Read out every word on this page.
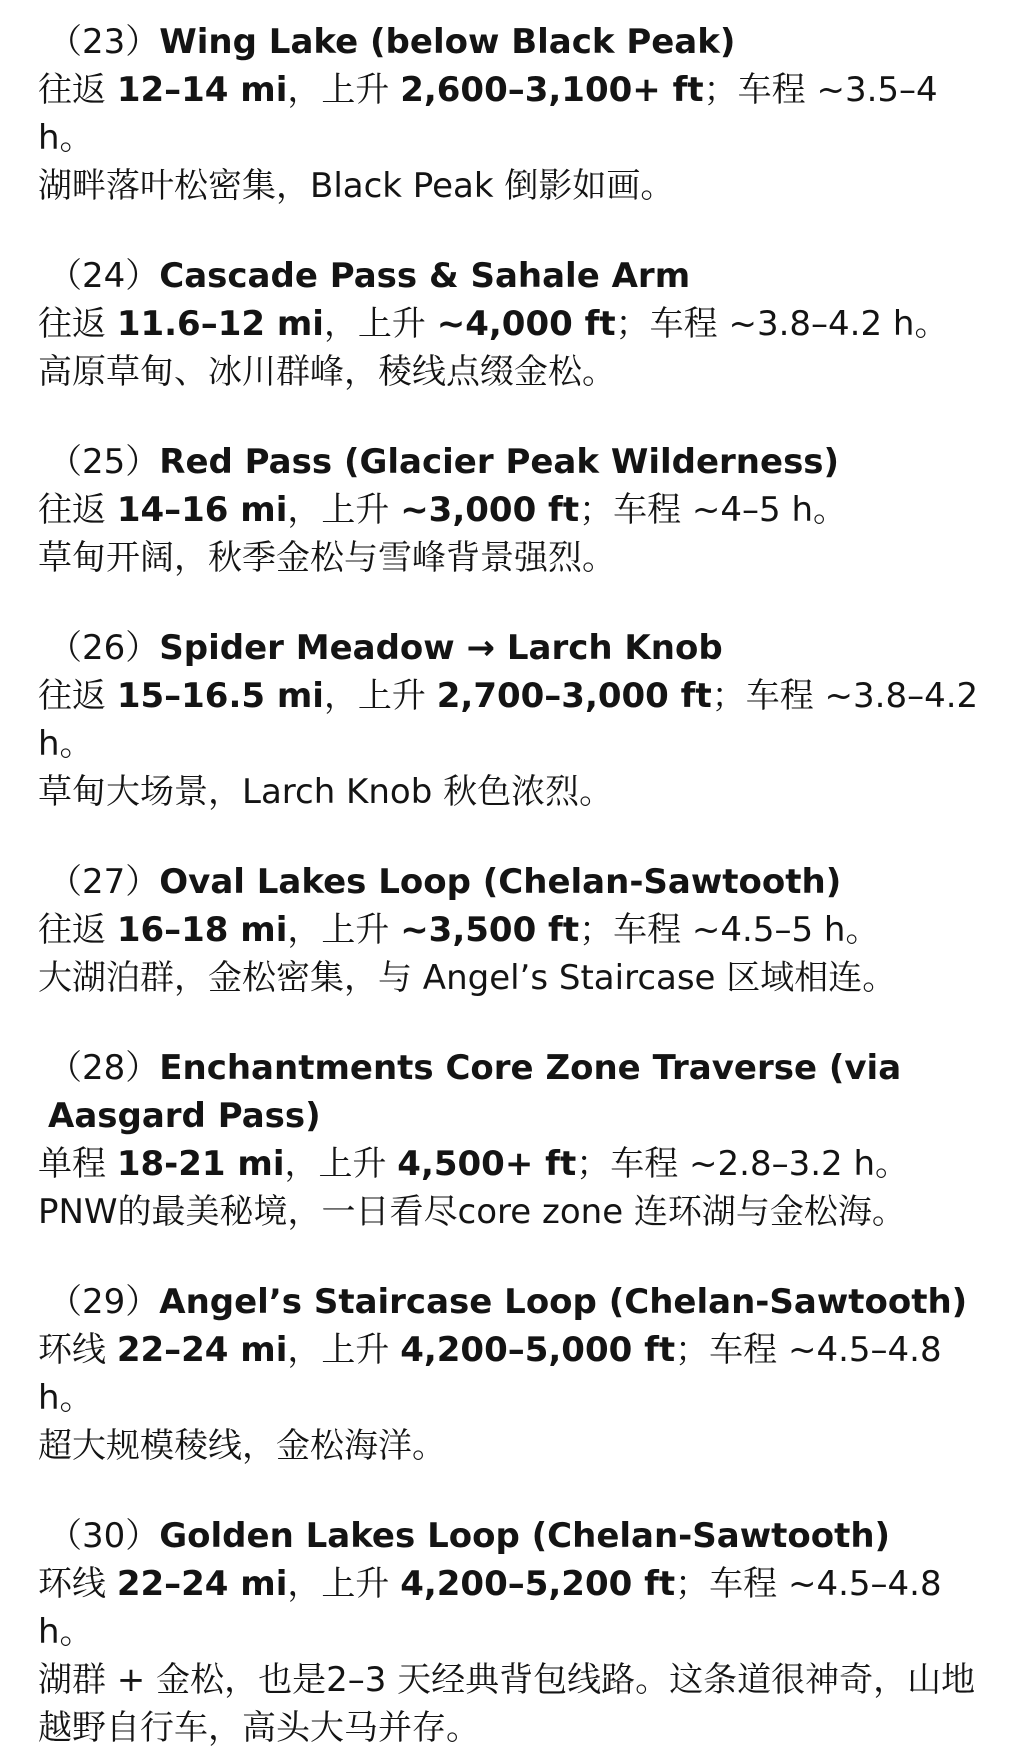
（23）Wing Lake (below Black Peak)

往返 12–14 mi，上升 2,600–3,100+ ft；车程 ~3.5–4 h。

湖畔落叶松密集，Black Peak 倒影如画。

（24）Cascade Pass & Sahale Arm

往返 11.6–12 mi，上升 ~4,000 ft；车程 ~3.8–4.2 h。

高原草甸、冰川群峰，稜线点缀金松。

（25）Red Pass (Glacier Peak Wilderness)

往返 14–16 mi，上升 ~3,000 ft；车程 ~4–5 h。

草甸开阔，秋季金松与雪峰背景强烈。

（26）Spider Meadow → Larch Knob

往返 15–16.5 mi，上升 2,700–3,000 ft；车程 ~3.8–4.2 h。

草甸大场景，Larch Knob 秋色浓烈。

（27）Oval Lakes Loop (Chelan-Sawtooth)

往返 16–18 mi，上升 ~3,500 ft；车程 ~4.5–5 h。

大湖泊群，金松密集，与 Angel’s Staircase 区域相连。

（28）Enchantments Core Zone Traverse (via Aasgard Pass)

单程 18-21 mi，上升 4,500+ ft；车程 ~2.8–3.2 h。

PNW的最美秘境，一日看尽core zone 连环湖与金松海。

（29）Angel’s Staircase Loop (Chelan-Sawtooth)

环线 22–24 mi，上升 4,200–5,000 ft；车程 ~4.5–4.8 h。

超大规模稜线，金松海洋。

（30）Golden Lakes Loop (Chelan-Sawtooth)

环线 22–24 mi，上升 4,200–5,200 ft；车程 ~4.5–4.8 h。

湖群 + 金松，也是2–3 天经典背包线路。这条道很神奇，山地越野自行车，高头大马并存。
